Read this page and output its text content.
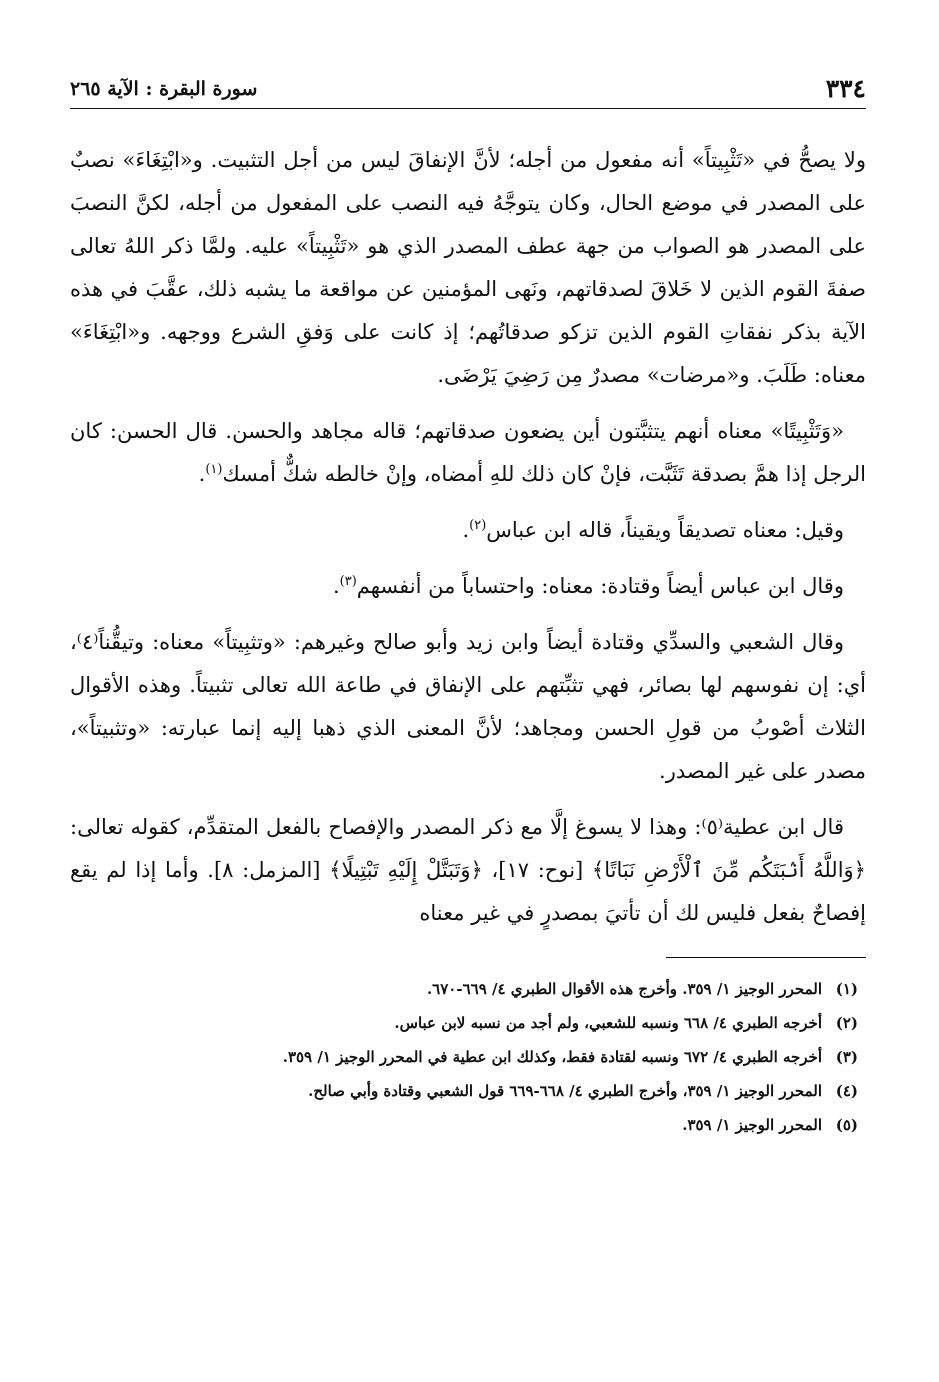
٣٣٤
سورة البقرة : الآية ٢٦٥

ولا يصحُّ في «تَثْبِيتاً» أنه مفعول من أجله؛ لأنَّ الإنفاقَ ليس من أجل التثبيت. و«ابْتِغَاءَ» نصبٌ على المصدر في موضع الحال، وكان يتوجَّهُ فيه النصب على المفعول من أجله، لكنَّ النصبَ على المصدر هو الصواب من جهة عطف المصدر الذي هو «تَثْبِيتاً» عليه. ولمَّا ذكر اللهُ تعالى صفةَ القوم الذين لا خَلاقَ لصدقاتهم، ونَهى المؤمنين عن مواقعة ما يشبه ذلك، عقَّبَ في هذه الآية بذكر نفقاتِ القوم الذين تزكو صدقاتُهم؛ إذ كانت على وَفقِ الشرع ووجهه. و«ابْتِغَاءَ» معناه: طَلَبَ. و«مرضات» مصدرٌ مِن رَضِيَ يَرْضَى.

«وَتَثْبِيتًا» معناه أنهم يتثبَّتون أين يضعون صدقاتهم؛ قاله مجاهد والحسن. قال الحسن: كان الرجل إذا همَّ بصدقة تَثَبَّت، فإنْ كان ذلك للهِ أمضاه، وإنْ خالطه شكٌّ أمسك$^{(١)}$.

وقيل: معناه تصديقاً ويقيناً، قاله ابن عباس$^{(٢)}$.

وقال ابن عباس أيضاً وقتادة: معناه: واحتساباً من أنفسهم$^{(٣)}$.

وقال الشعبي والسدِّي وقتادة أيضاً وابن زيد وأبو صالح وغيرهم: «وتثبِيتاً» معناه: وتيقُّناً⁽٤⁾، أي: إن نفوسهم لها بصائر، فهي تثبِّتهم على الإنفاق في طاعة الله تعالى تثبيتاً. وهذه الأقوال الثلاث أصْوبُ من قولِ الحسن ومجاهد؛ لأنَّ المعنى الذي ذهبا إليه إنما عبارته: «وتثبيتاً»، مصدر على غير المصدر.

قال ابن عطية⁽٥⁾: وهذا لا يسوغ إلَّا مع ذكر المصدر والإفصاح بالفعل المتقدِّم، كقوله تعالى: ﴿وَاللَّهُ أَنۢبَتَكُم مِّنَ ٱلْأَرْضِ نَبَاتًا﴾ [نوح: ١٧]، ﴿وَتَبَتَّلْ إِلَيْهِ تَبْتِيلًا﴾ [المزمل: ٨]. وأما إذا لم يقع إفصاحٌ بفعل فليس لك أن تأتيَ بمصدرٍ في غير معناه

(١)المحرر الوجيز ١/ ٣٥٩. وأخرج هذه الأقوال الطبري ٤/ ٦٦٩-٦٧٠.
(٢)أخرجه الطبري ٤/ ٦٦٨ ونسبه للشعبي، ولم أجد من نسبه لابن عباس.
(٣)أخرجه الطبري ٤/ ٦٧٢ ونسبه لقتادة فقط، وكذلك ابن عطية في المحرر الوجيز ١/ ٣٥٩.
(٤)المحرر الوجيز ١/ ٣٥٩، وأخرج الطبري ٤/ ٦٦٨-٦٦٩ قول الشعبي وقتادة وأبي صالح.
(٥)المحرر الوجيز ١/ ٣٥٩.
